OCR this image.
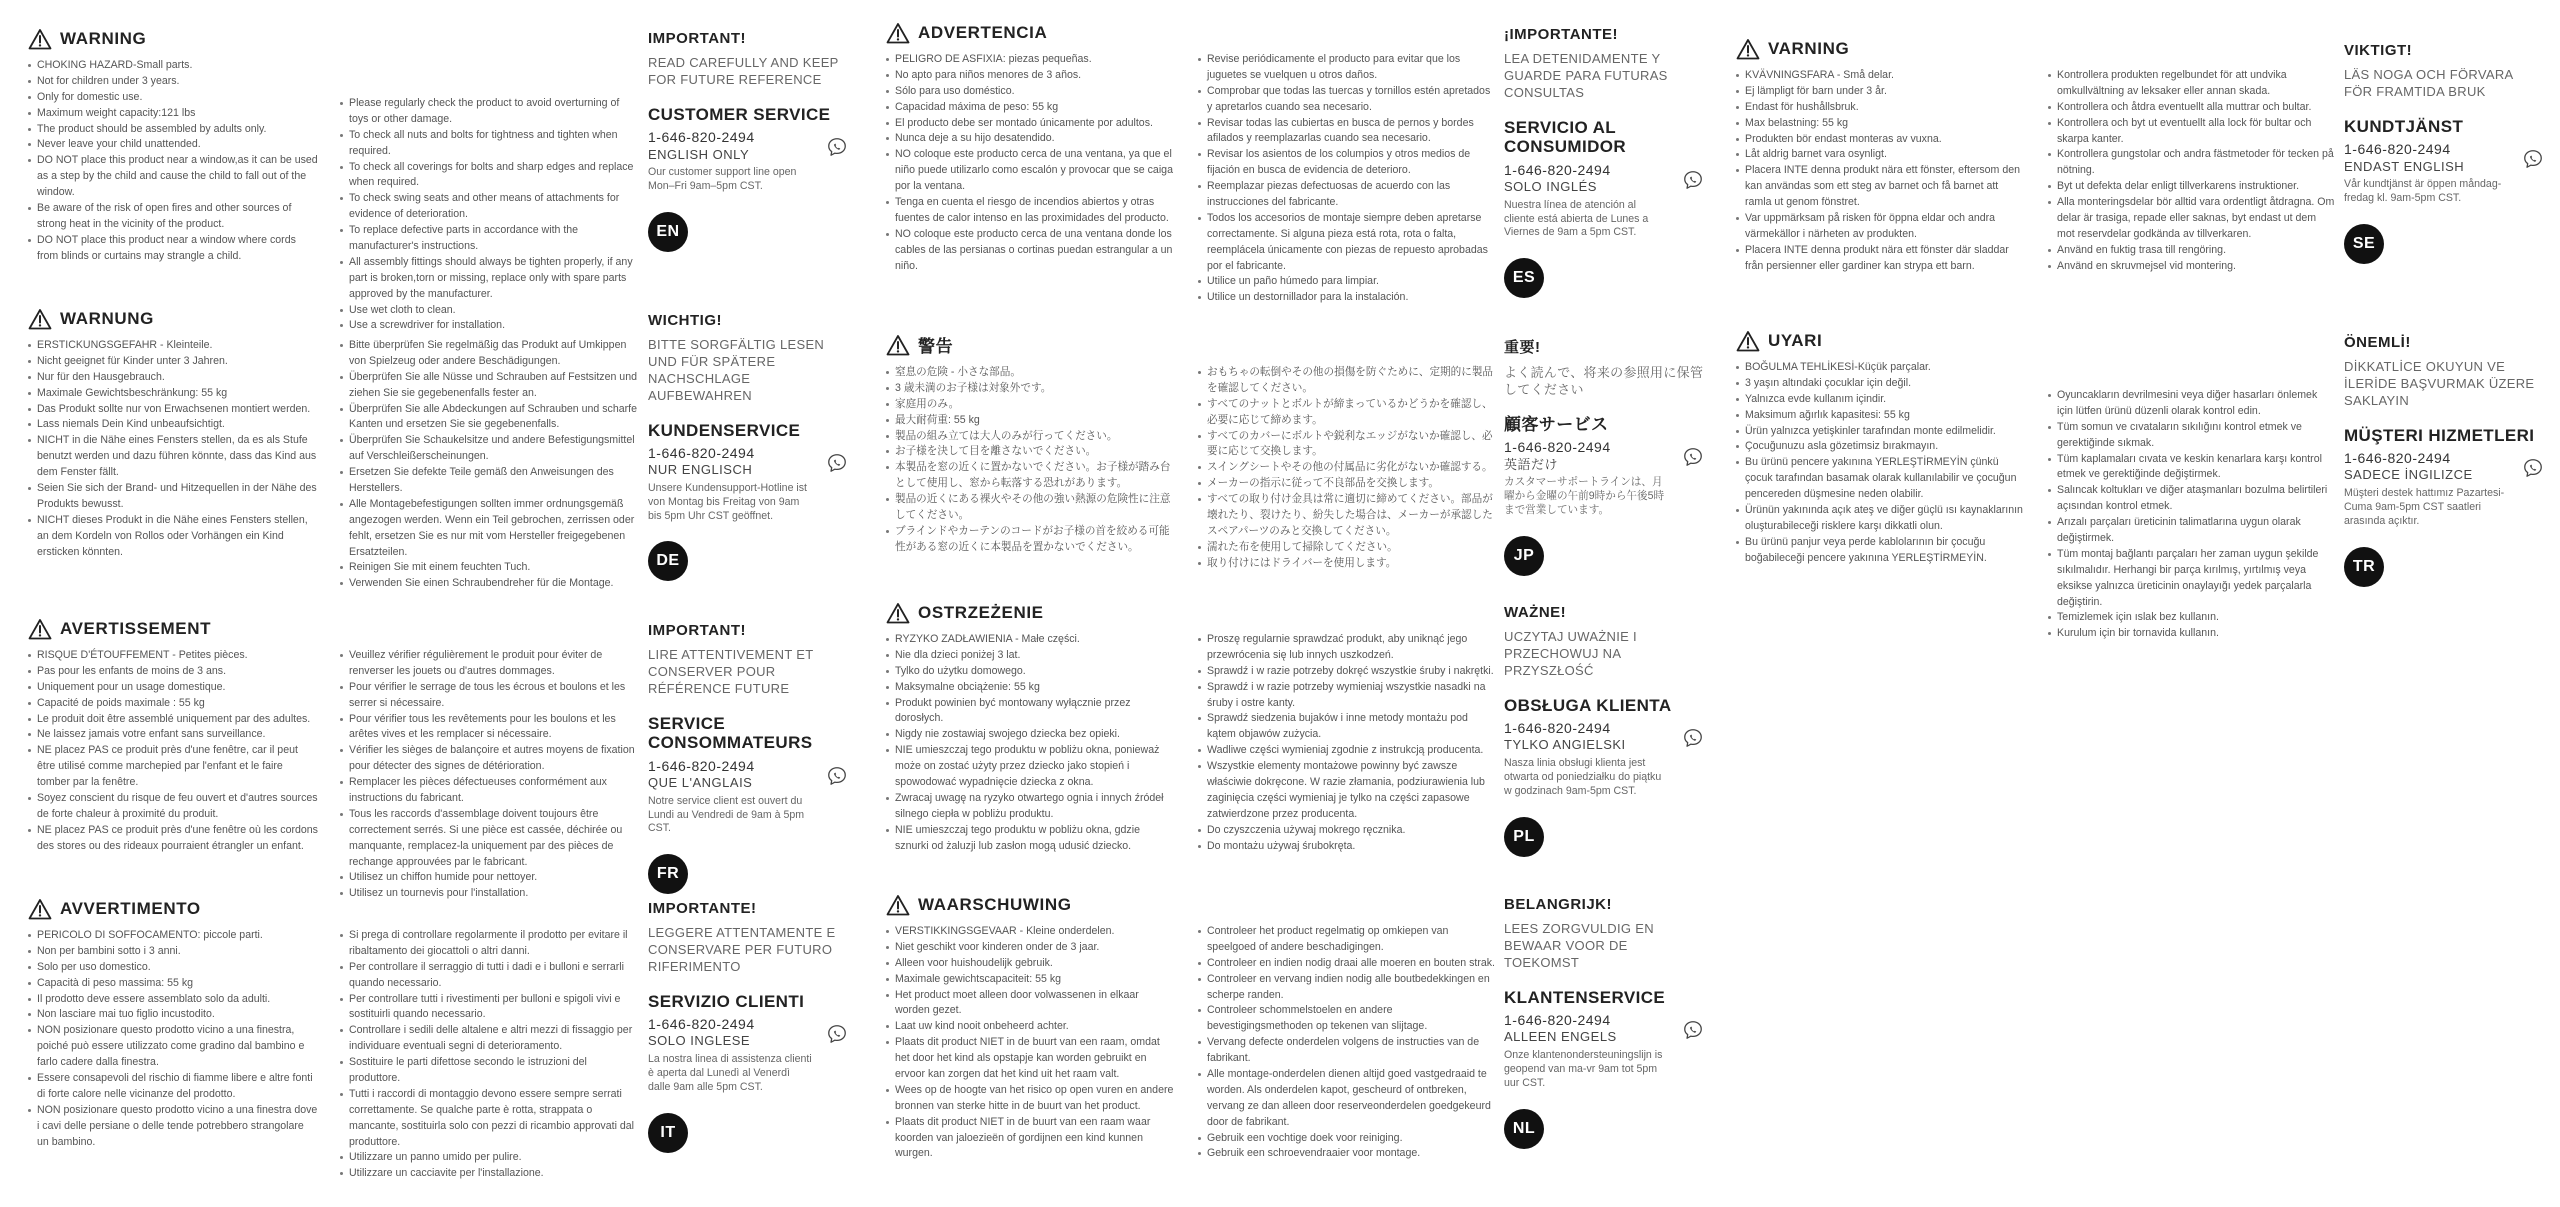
WARNING
CHOKING HAZARD-Small parts.
Not for children under 3 years.
Only for domestic use.
Maximum weight capacity:121 lbs
The product should be assembled by adults only.
Never leave your child unattended.
DO NOT place this product near a window,as it can be used as a step by the child and cause the child to fall out of the window.
Be aware of the risk of open fires and other sources of strong heat in the vicinity of the product.
DO NOT place this product near a window where cords from blinds or curtains may strangle a child.
Please regularly check the product to avoid overturning of toys or other damage.
To check all nuts and bolts for tightness and tighten when required.
To check all coverings for bolts and sharp edges and replace when required.
To check swing seats and other means of attachments for evidence of deterioration.
To replace defective parts in accordance with the manufacturer's instructions.
All assembly fittings should always be tighten properly, if any part is broken,torn or missing, replace only with spare parts approved by the manufacturer.
Use wet cloth to clean.
Use a screwdriver for installation.
IMPORTANT!
READ CAREFULLY AND KEEP FOR FUTURE REFERENCE
CUSTOMER SERVICE
1-646-820-2494
ENGLISH ONLY
Our customer support line open Mon–Fri 9am–5pm CST.
EN
WARNUNG
ERSTICKUNGSGEFAHR - Kleinteile.
Nicht geeignet für Kinder unter 3 Jahren.
Nur für den Hausgebrauch.
Maximale Gewichtsbeschränkung: 55 kg
Das Produkt sollte nur von Erwachsenen montiert werden.
Lass niemals Dein Kind unbeaufsichtigt.
NICHT in die Nähe eines Fensters stellen, da es als Stufe benutzt werden und dazu führen könnte, dass das Kind aus dem Fenster fällt.
Seien Sie sich der Brand- und Hitzequellen in der Nähe des Produkts bewusst.
NICHT dieses Produkt in die Nähe eines Fensters stellen, an dem Kordeln von Rollos oder Vorhängen ein Kind ersticken könnten.
Bitte überprüfen Sie regelmäßig das Produkt auf Umkippen von Spielzeug oder andere Beschädigungen.
Überprüfen Sie alle Nüsse und Schrauben auf Festsitzen und ziehen Sie sie gegebenenfalls fester an.
Überprüfen Sie alle Abdeckungen auf Schrauben und scharfe Kanten und ersetzen Sie sie gegebenenfalls.
Überprüfen Sie Schaukelsitze und andere Befestigungsmittel auf Verschleißerscheinungen.
Ersetzen Sie defekte Teile gemäß den Anweisungen des Herstellers.
Alle Montagebefestigungen sollten immer ordnungsgemäß angezogen werden. Wenn ein Teil gebrochen, zerrissen oder fehlt, ersetzen Sie es nur mit vom Hersteller freigegebenen Ersatzteilen.
Reinigen Sie mit einem feuchten Tuch.
Verwenden Sie einen Schraubendreher für die Montage.
WICHTIG!
BITTE SORGFÄLTIG LESEN UND FÜR SPÄTERE NACHSCHLAGE AUFBEWAHREN
KUNDENSERVICE
1-646-820-2494
NUR ENGLISCH
Unsere Kundensupport-Hotline ist von Montag bis Freitag von 9am bis 5pm Uhr CST geöffnet.
DE
AVERTISSEMENT
RISQUE D'ÉTOUFFEMENT - Petites pièces.
Pas pour les enfants de moins de 3 ans.
Uniquement pour un usage domestique.
Capacité de poids maximale : 55 kg
Le produit doit être assemblé uniquement par des adultes.
Ne laissez jamais votre enfant sans surveillance.
NE placez PAS ce produit près d'une fenêtre, car il peut être utilisé comme marchepied par l'enfant et le faire tomber par la fenêtre.
Soyez conscient du risque de feu ouvert et d'autres sources de forte chaleur à proximité du produit.
NE placez PAS ce produit près d'une fenêtre où les cordons des stores ou des rideaux pourraient étrangler un enfant.
Veuillez vérifier régulièrement le produit pour éviter de renverser les jouets ou d'autres dommages.
Pour vérifier le serrage de tous les écrous et boulons et les serrer si nécessaire.
Pour vérifier tous les revêtements pour les boulons et les arêtes vives et les remplacer si nécessaire.
Vérifier les sièges de balançoire et autres moyens de fixation pour détecter des signes de détérioration.
Remplacer les pièces défectueuses conformément aux instructions du fabricant.
Tous les raccords d'assemblage doivent toujours être correctement serrés. Si une pièce est cassée, déchirée ou manquante, remplacez-la uniquement par des pièces de rechange approuvées par le fabricant.
Utilisez un chiffon humide pour nettoyer.
Utilisez un tournevis pour l'installation.
IMPORTANT!
LIRE ATTENTIVEMENT ET CONSERVER POUR RÉFÉRENCE FUTURE
SERVICE CONSOMMATEURS
1-646-820-2494
QUE L'ANGLAIS
Notre service client est ouvert du Lundi au Vendredi de 9am à 5pm CST.
FR
AVVERTIMENTO
PERICOLO DI SOFFOCAMENTO: piccole parti.
Non per bambini sotto i 3 anni.
Solo per uso domestico.
Capacità di peso massima: 55 kg
Il prodotto deve essere assemblato solo da adulti.
Non lasciare mai tuo figlio incustodito.
NON posizionare questo prodotto vicino a una finestra, poiché può essere utilizzato come gradino dal bambino e farlo cadere dalla finestra.
Essere consapevoli del rischio di fiamme libere e altre fonti di forte calore nelle vicinanze del prodotto.
NON posizionare questo prodotto vicino a una finestra dove i cavi delle persiane o delle tende potrebbero strangolare un bambino.
Si prega di controllare regolarmente il prodotto per evitare il ribaltamento dei giocattoli o altri danni.
Per controllare il serraggio di tutti i dadi e i bulloni e serrarli quando necessario.
Per controllare tutti i rivestimenti per bulloni e spigoli vivi e sostituirli quando necessario.
Controllare i sedili delle altalene e altri mezzi di fissaggio per individuare eventuali segni di deterioramento.
Sostituire le parti difettose secondo le istruzioni del produttore.
Tutti i raccordi di montaggio devono essere sempre serrati correttamente. Se qualche parte è rotta, strappata o mancante, sostituirla solo con pezzi di ricambio approvati dal produttore.
Utilizzare un panno umido per pulire.
Utilizzare un cacciavite per l'installazione.
IMPORTANTE!
LEGGERE ATTENTAMENTE E CONSERVARE PER FUTURO RIFERIMENTO
SERVIZIO CLIENTI
1-646-820-2494
SOLO INGLESE
La nostra linea di assistenza clienti è aperta dal Lunedì al Venerdì dalle 9am alle 5pm CST.
IT
ADVERTENCIA
PELIGRO DE ASFIXIA: piezas pequeñas.
No apto para niños menores de 3 años.
Sólo para uso doméstico.
Capacidad máxima de peso: 55 kg
El producto debe ser montado únicamente por adultos.
Nunca deje a su hijo desatendido.
NO coloque este producto cerca de una ventana, ya que el niño puede utilizarlo como escalón y provocar que se caiga por la ventana.
Tenga en cuenta el riesgo de incendios abiertos y otras fuentes de calor intenso en las proximidades del producto.
NO coloque este producto cerca de una ventana donde los cables de las persianas o cortinas puedan estrangular a un niño.
Revise periódicamente el producto para evitar que los juguetes se vuelquen u otros daños.
Comprobar que todas las tuercas y tornillos estén apretados y apretarlos cuando sea necesario.
Revisar todas las cubiertas en busca de pernos y bordes afilados y reemplazarlas cuando sea necesario.
Revisar los asientos de los columpios y otros medios de fijación en busca de evidencia de deterioro.
Reemplazar piezas defectuosas de acuerdo con las instrucciones del fabricante.
Todos los accesorios de montaje siempre deben apretarse correctamente. Si alguna pieza está rota, rota o falta, reemplácela únicamente con piezas de repuesto aprobadas por el fabricante.
Utilice un paño húmedo para limpiar.
Utilice un destornillador para la instalación.
¡IMPORTANTE!
LEA DETENIDAMENTE Y GUARDE PARA FUTURAS CONSULTAS
SERVICIO AL CONSUMIDOR
1-646-820-2494
SOLO INGLÉS
Nuestra línea de atención al cliente está abierta de Lunes a Viernes de 9am a 5pm CST.
ES
警告
窒息の危険 - 小さな部品。
3 歳未満のお子様は対象外です。
家庭用のみ。
最大耐荷重: 55 kg
製品の組み立ては大人のみが行ってください。
お子様を決して目を離さないでください。
本製品を窓の近くに置かないでください。お子様が踏み台として使用し、窓から転落する恐れがあります。
製品の近くにある裸火やその他の強い熱源の危険性に注意してください。
ブラインドやカーテンのコードがお子様の首を絞める可能性がある窓の近くに本製品を置かないでください。
おもちゃの転倒やその他の損傷を防ぐために、定期的に製品を確認してください。
すべてのナットとボルトが締まっているかどうかを確認し、必要に応じて締めます。
すべてのカバーにボルトや鋭利なエッジがないか確認し、必要に応じて交換します。
スイングシートやその他の付属品に劣化がないか確認する。
メーカーの指示に従って不良部品を交換します。
すべての取り付け金具は常に適切に締めてください。部品が壊れたり、裂けたり、紛失した場合は、メーカーが承認したスペアパーツのみと交換してください。
濡れた布を使用して掃除してください。
取り付けにはドライバーを使用します。
重要!
よく読んで、将来の参照用に保管してください
顧客サービス
1-646-820-2494
英語だけ
カスタマーサポートラインは、月曜から金曜の午前9時から午後5時まで営業しています。
JP
OSTRZEŻENIE
RYZYKO ZADŁAWIENIA - Małe części.
Nie dla dzieci poniżej 3 lat.
Tylko do użytku domowego.
Maksymalne obciążenie: 55 kg
Produkt powinien być montowany wyłącznie przez dorosłych.
Nigdy nie zostawiaj swojego dziecka bez opieki.
NIE umieszczaj tego produktu w pobliżu okna, ponieważ może on zostać użyty przez dziecko jako stopień i spowodować wypadnięcie dziecka z okna.
Zwracaj uwagę na ryzyko otwartego ognia i innych źródeł silnego ciepła w pobliżu produktu.
NIE umieszczaj tego produktu w pobliżu okna, gdzie sznurki od żaluzji lub zasłon mogą udusić dziecko.
Proszę regularnie sprawdzać produkt, aby uniknąć jego przewrócenia się lub innych uszkodzeń.
Sprawdź i w razie potrzeby dokręć wszystkie śruby i nakrętki.
Sprawdź i w razie potrzeby wymieniaj wszystkie nasadki na śruby i ostre kanty.
Sprawdź siedzenia bujaków i inne metody montażu pod kątem objawów zużycia.
Wadliwe części wymieniaj zgodnie z instrukcją producenta.
Wszystkie elementy montażowe powinny być zawsze właściwie dokręcone. W razie złamania, podziurawienia lub zaginięcia części wymieniaj je tylko na części zapasowe zatwierdzone przez producenta.
Do czyszczenia używaj mokrego ręcznika.
Do montażu używaj śrubokręta.
WAŻNE!
UCZYTAJ UWAŻNIE I PRZECHOWUJ NA PRZYSZŁOŚĆ
OBSŁUGA KLIENTA
1-646-820-2494
TYLKO ANGIELSKI
Nasza linia obsługi klienta jest otwarta od poniedziałku do piątku w godzinach 9am-5pm CST.
PL
WAARSCHUWING
VERSTIKKINGSGEVAAR - Kleine onderdelen.
Niet geschikt voor kinderen onder de 3 jaar.
Alleen voor huishoudelijk gebruik.
Maximale gewichtscapaciteit: 55 kg
Het product moet alleen door volwassenen in elkaar worden gezet.
Laat uw kind nooit onbeheerd achter.
Plaats dit product NIET in de buurt van een raam, omdat het door het kind als opstapje kan worden gebruikt en ervoor kan zorgen dat het kind uit het raam valt.
Wees op de hoogte van het risico op open vuren en andere bronnen van sterke hitte in de buurt van het product.
Plaats dit product NIET in de buurt van een raam waar koorden van jaloezieën of gordijnen een kind kunnen wurgen.
Controleer het product regelmatig op omkiepen van speelgoed of andere beschadigingen.
Controleer en indien nodig draai alle moeren en bouten strak.
Controleer en vervang indien nodig alle boutbedekkingen en scherpe randen.
Controleer schommelstoelen en andere bevestigingsmethoden op tekenen van slijtage.
Vervang defecte onderdelen volgens de instructies van de fabrikant.
Alle montage-onderdelen dienen altijd goed vastgedraaid te worden. Als onderdelen kapot, gescheurd of ontbreken, vervang ze dan alleen door reserveonderdelen goedgekeurd door de fabrikant.
Gebruik een vochtige doek voor reiniging.
Gebruik een schroevendraaier voor montage.
BELANGRIJK!
LEES ZORGVULDIG EN BEWAAR VOOR DE TOEKOMST
KLANTENSERVICE
1-646-820-2494
ALLEEN ENGELS
Onze klantenondersteuningslijn is geopend van ma-vr 9am tot 5pm uur CST.
NL
VARNING
KVÄVNINGSFARA - Små delar.
Ej lämpligt för barn under 3 år.
Endast för hushållsbruk.
Max belastning: 55 kg
Produkten bör endast monteras av vuxna.
Låt aldrig barnet vara osynligt.
Placera INTE denna produkt nära ett fönster, eftersom den kan användas som ett steg av barnet och få barnet att ramla ut genom fönstret.
Var uppmärksam på risken för öppna eldar och andra värmekällor i närheten av produkten.
Placera INTE denna produkt nära ett fönster där sladdar från persienner eller gardiner kan strypa ett barn.
Kontrollera produkten regelbundet för att undvika omkullvältning av leksaker eller annan skada.
Kontrollera och åtdra eventuellt alla muttrar och bultar.
Kontrollera och byt ut eventuellt alla lock för bultar och skarpa kanter.
Kontrollera gungstolar och andra fästmetoder för tecken på nötning.
Byt ut defekta delar enligt tillverkarens instruktioner.
Alla monteringsdelar bör alltid vara ordentligt åtdragna. Om delar är trasiga, repade eller saknas, byt endast ut dem mot reservdelar godkända av tillverkaren.
Använd en fuktig trasa till rengöring.
Använd en skruvmejsel vid montering.
VIKTIGT!
LÄS NOGA OCH FÖRVARA FÖR FRAMTIDA BRUK
KUNDTJÄNST
1-646-820-2494
ENDAST ENGLISH
Vår kundtjänst är öppen måndag-fredag kl. 9am-5pm CST.
SE
UYARI
BOĞULMA TEHLİKESİ-Küçük parçalar.
3 yaşın altındaki çocuklar için değil.
Yalnızca evde kullanım içindir.
Maksimum ağırlık kapasitesi: 55 kg
Ürün yalnızca yetişkinler tarafından monte edilmelidir.
Çocuğunuzu asla gözetimsiz bırakmayın.
Bu ürünü pencere yakınına YERLEŞTİRMEYİN çünkü çocuk tarafından basamak olarak kullanılabilir ve çocuğun pencereden düşmesine neden olabilir.
Ürünün yakınında açık ateş ve diğer güçlü ısı kaynaklarının oluşturabileceği risklere karşı dikkatli olun.
Bu ürünü panjur veya perde kablolarının bir çocuğu boğabileceği pencere yakınına YERLEŞTİRMEYİN.
Oyuncakların devrilmesini veya diğer hasarları önlemek için lütfen ürünü düzenli olarak kontrol edin.
Tüm somun ve cıvataların sıkılığını kontrol etmek ve gerektiğinde sıkmak.
Tüm kaplamaları cıvata ve keskin kenarlara karşı kontrol etmek ve gerektiğinde değiştirmek.
Salıncak koltukları ve diğer ataşmanları bozulma belirtileri açısından kontrol etmek.
Arızalı parçaları üreticinin talimatlarına uygun olarak değiştirmek.
Tüm montaj bağlantı parçaları her zaman uygun şekilde sıkılmalıdır. Herhangi bir parça kırılmış, yırtılmış veya eksikse yalnızca üreticinin onaylayığı yedek parçalarla değiştirin.
Temizlemek için ıslak bez kullanın.
Kurulum için bir tornavida kullanın.
ÖNEMLİ!
DİKKATLİCE OKUYUN VE İLERİDE BAŞVURMAK ÜZERE SAKLAYIN
MÜŞTERI HIZMETLERI
1-646-820-2494
SADECE İNGILIZCE
Müşteri destek hattımız Pazartesi-Cuma 9am-5pm CST saatleri arasında açıktır.
TR
